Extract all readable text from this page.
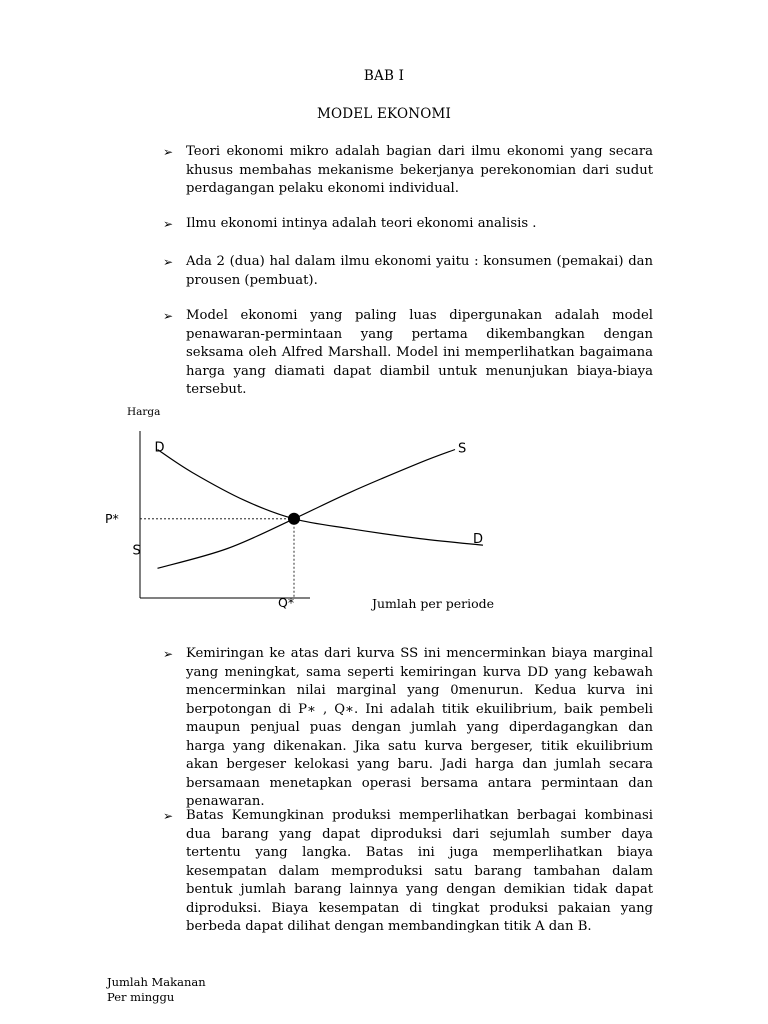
BAB I
MODEL EKONOMI
➢ Teori ekonomi mikro adalah bagian dari ilmu ekonomi yang secara khusus membahas mekanisme bekerjanya perekonomian dari sudut perdagangan pelaku ekonomi individual.
➢ Ilmu ekonomi intinya adalah teori ekonomi analisis .
➢ Ada 2 (dua) hal dalam ilmu ekonomi yaitu : konsumen (pemakai) dan prousen (pembuat).
➢ Model ekonomi yang paling luas dipergunakan adalah model penawaran-permintaan yang pertama dikembangkan dengan seksama oleh Alfred Marshall. Model ini memperlihatkan bagaimana harga yang diamati dapat diambil untuk menunjukan biaya-biaya tersebut.
Harga
Jumlah per periode
P*
Q*
D
D
S
S
➢ Kemiringan ke atas dari kurva SS ini mencerminkan biaya marginal yang meningkat, sama seperti kemiringan kurva DD yang kebawah mencerminkan nilai marginal yang 0menurun. Kedua kurva ini berpotongan di P∗ , Q∗. Ini adalah titik ekuilibrium, baik pembeli maupun penjual puas dengan jumlah yang diperdagangkan dan harga yang dikenakan. Jika satu kurva bergeser, titik ekuilibrium akan bergeser kelokasi yang baru. Jadi harga dan jumlah secara bersamaan menetapkan operasi bersama antara permintaan dan penawaran.
➢ Batas Kemungkinan produksi memperlihatkan berbagai kombinasi dua barang yang dapat diproduksi dari sejumlah sumber daya tertentu yang langka. Batas ini juga memperlihatkan biaya kesempatan dalam memproduksi satu barang tambahan dalam bentuk jumlah barang lainnya yang dengan demikian tidak dapat diproduksi. Biaya kesempatan di tingkat produksi pakaian yang berbeda dapat dilihat dengan membandingkan titik A dan B.
Jumlah Makanan
Per minggu
